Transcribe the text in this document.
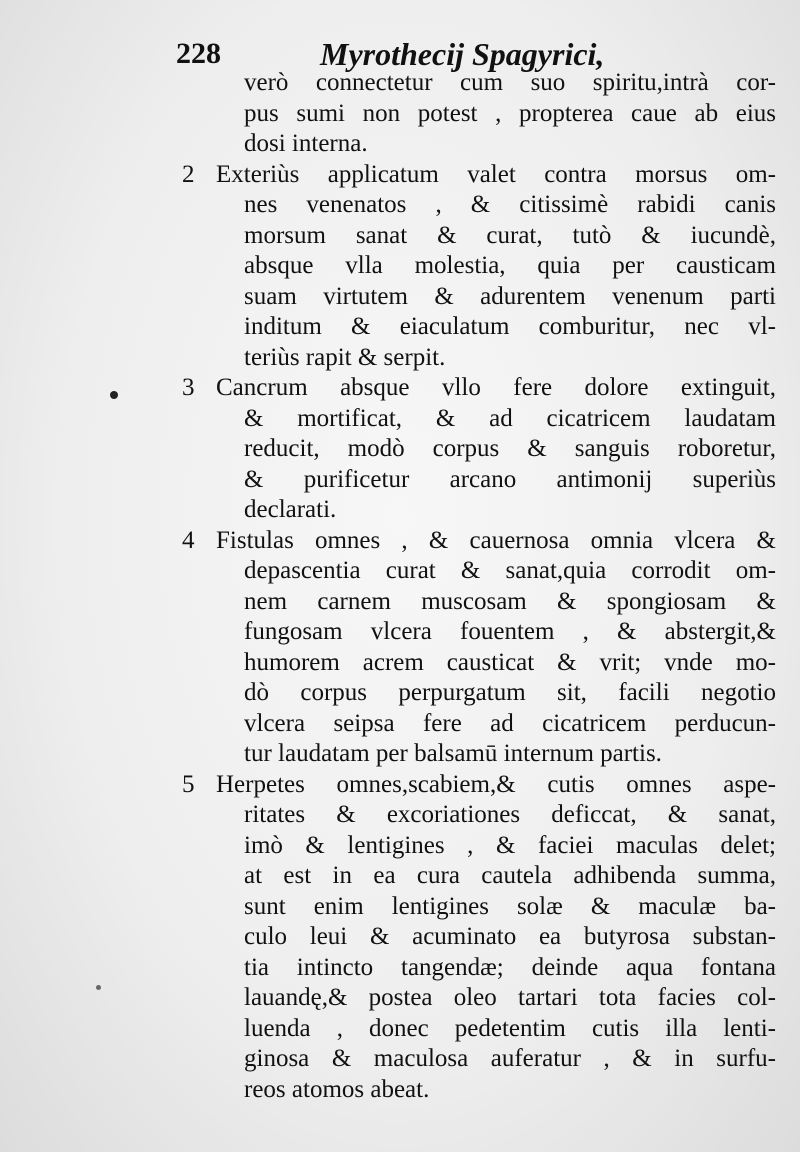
228	Myrothecij Spagyrici,
verò connectetur cum suo spiritu,intrà cor-
pus sumi non potest , propterea caue ab eius
dosi interna.
2 Exteriùs applicatum valet contra morsus om-
nes venenatos , & citissimè rabidi canis
morsum sanat & curat, tutò & iucundè,
absque vlla molestia, quia per causticam
suam virtutem & adurentem venenum parti
inditum & eiaculatum comburitur, nec vl-
teriùs rapit & serpit.
3 Cancrum absque vllo fere dolore extinguit,
& mortificat, & ad cicatricem laudatam
reducit, modò corpus & sanguis roboretur,
& purificetur arcano antimonij superiùs
declarati.
4 Fistulas omnes , & cauernosa omnia vlcera &
depascentia curat & sanat,quia corrodit om-
nem carnem muscosam & spongiosam &
fungosam vlcera fouentem , & abstergit,&
humorem acrem causticat & vrit; vnde mo-
dò corpus perpurgatum sit, facili negotio
vlcera seipsa fere ad cicatricem perducun-
tur laudatam per balsamū internum partis.
5 Herpetes omnes,scabiem,& cutis omnes aspe-
ritates & excoriationes deficcat, & sanat,
imò & lentigines , & faciei maculas delet;
at est in ea cura cautela adhibenda summa,
sunt enim lentigines solæ & maculæ ba-
culo leui & acuminato ea butyrosa substan-
tia intincto tangendæ; deinde aqua fontana
lauandę,& postea oleo tartari tota facies col-
luenda , donec pedetentim cutis illa lenti-
ginosa & maculosa auferatur , & in surfu-
reos atomos abeat.
